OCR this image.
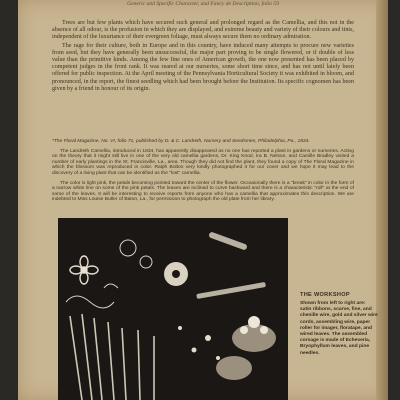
Generic and Specific Character, and Fancy de Description, folio 59

Trees are but few plants which have secured such general and prolonged regard as the Camellia, and this not in the absence of all odour, is the profusion in which they are displayed, and extreme beauty and variety of their colours and tints, independent of the luxuriance of their evergreen foliage, must always secure them no ordinary admiration.

The rage for their culture, both in Europe and in this country, have induced many attempts to procure new varieties from seed, but they have generally been unsuccessful, the major part proving to be single flowered, or if double of less value than the primitive kinds. Among the few fine ones of American growth, the one now presented has been placed by competent judges in the front rank. It was reared at our nurseries, some short time since, and has not until lately been offered for public inspection. At the April meeting of the Pennsylvania Horticultural Society it was exhibited in bloom, and pronounced, in the report, the finest seedling which had been brought before the Institution. Its specific cognomen has been given by a friend in honour of its origin.

*The Floral Magazine, No. VI, folio 71, published by D. & C. Landreth, Nursery and Seedsmen, Philadelphia, Pa., 1834.

The Landreth Camellia, introduced in 1834, has apparently disappeared as no one has reported a plant in gardens or nurseries. Acting on the theory that it might still live in one of the very old camellia gardens, Dr. King Knod, Ira B. Nelson, and Camille Bradley visited a number of early plantings in the St. Francisville, La., area. Though they did not find the plant, they found a copy of The Floral Magazine in which the blossom was reproduced in color. Ralph Bolton very kindly photographed it for our cover and we hope it may lead to the discovery of a living plant that can be identified as the "lost" camellia.

The color is light pink, the petals becoming pointed toward the center of the flower. Occasionally there is a "break" in color in the form of a narrow white line on some of the pink petals. The leaves are inclined to curve backward and there is a characteristic "roll" at the end of some of the leaves. It will be interesting to receive reports from anyone who has a camellia that approximates this description. We are indebted to Miss Louise Butler of Baton, La., for permission to photograph the old plate from her library.

THE WORKSHOP

Shown from left to right are: satin ribbons, scarve, fine, and chenille wire, gold and silver wire cords, assembling wire, paper roller for imager, floratape, and wired leaves. The assembled corsage is made of Echeveria, Bryophyllum leaves, and pine needles.
